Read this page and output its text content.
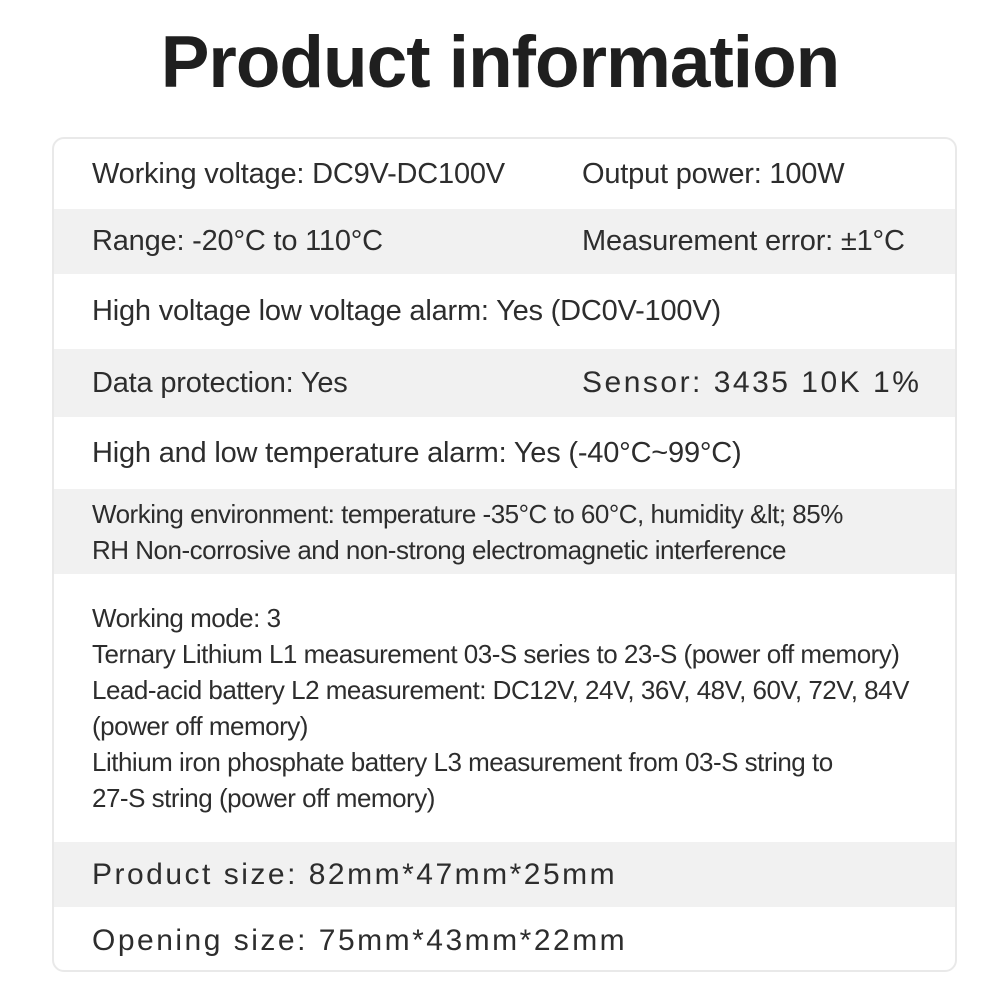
Product information
Working voltage: DC9V-DC100V	Output power: 100W
Range: -20°C to 110°C	Measurement error: ±1°C
High voltage low voltage alarm: Yes (DC0V-100V)
Data protection: Yes	Sensor: 3435 10K 1%
High and low temperature alarm: Yes (-40°C~99°C)
Working environment: temperature -35°C to 60°C, humidity &lt; 85%
RH Non-corrosive and non-strong electromagnetic interference
Working mode: 3
Ternary Lithium L1 measurement 03-S series to 23-S (power off memory)
Lead-acid battery L2 measurement: DC12V, 24V, 36V, 48V, 60V, 72V, 84V
(power off memory)
Lithium iron phosphate battery L3 measurement from 03-S string to
27-S string (power off memory)
Product size: 82mm*47mm*25mm
Opening size: 75mm*43mm*22mm
